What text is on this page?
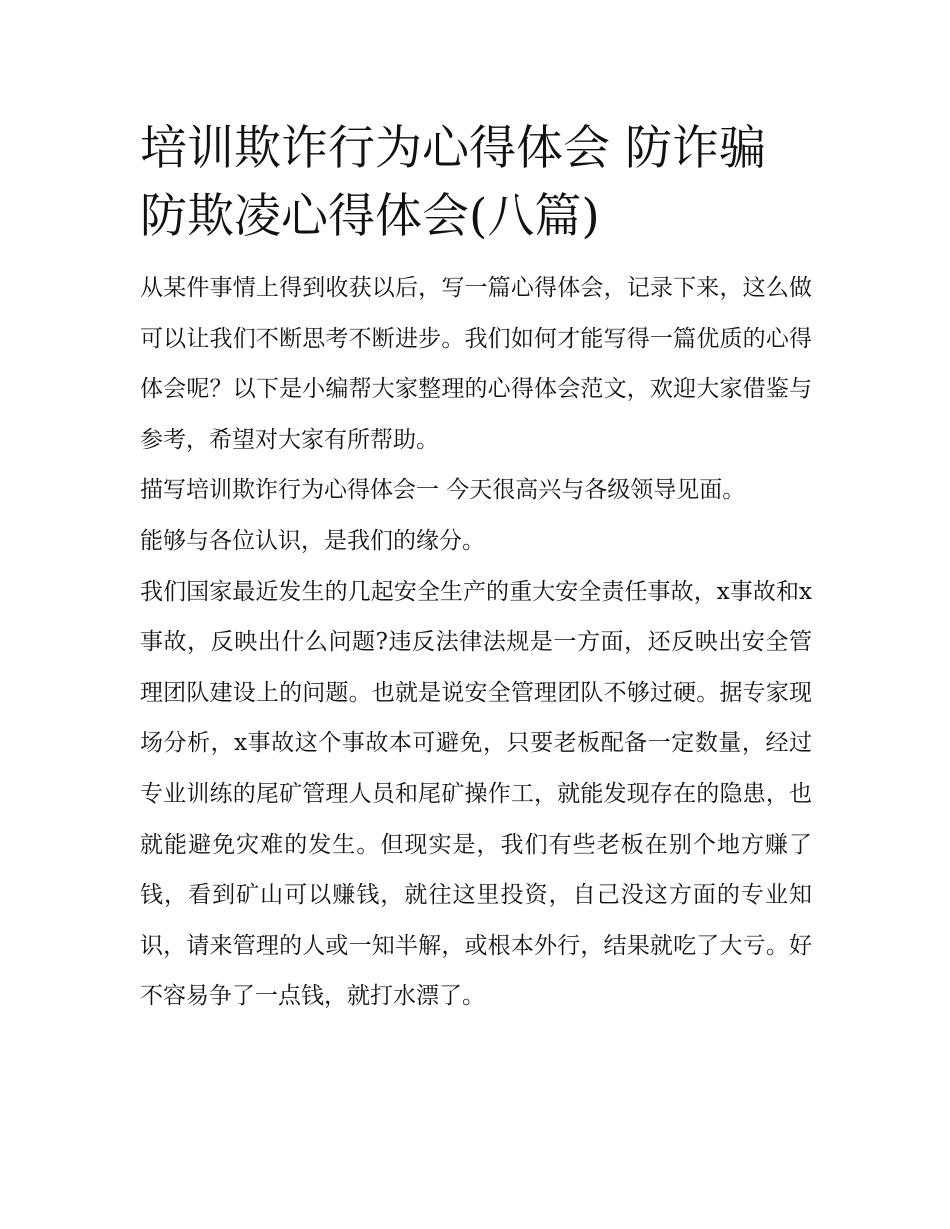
培训欺诈行为心得体会 防诈骗防欺凌心得体会(八篇)

从某件事情上得到收获以后，写一篇心得体会，记录下来，这么做可以让我们不断思考不断进步。我们如何才能写得一篇优质的心得体会呢？以下是小编帮大家整理的心得体会范文，欢迎大家借鉴与参考，希望对大家有所帮助。

描写培训欺诈行为心得体会一 今天很高兴与各级领导见面。

能够与各位认识，是我们的缘分。

我们国家最近发生的几起安全生产的重大安全责任事故，x事故和x事故，反映出什么问题?违反法律法规是一方面，还反映出安全管理团队建设上的问题。也就是说安全管理团队不够过硬。据专家现场分析，x事故这个事故本可避免，只要老板配备一定数量，经过专业训练的尾矿管理人员和尾矿操作工，就能发现存在的隐患，也就能避免灾难的发生。但现实是，我们有些老板在别个地方赚了钱，看到矿山可以赚钱，就往这里投资，自己没这方面的专业知识，请来管理的人或一知半解，或根本外行，结果就吃了大亏。好不容易争了一点钱，就打水漂了。
